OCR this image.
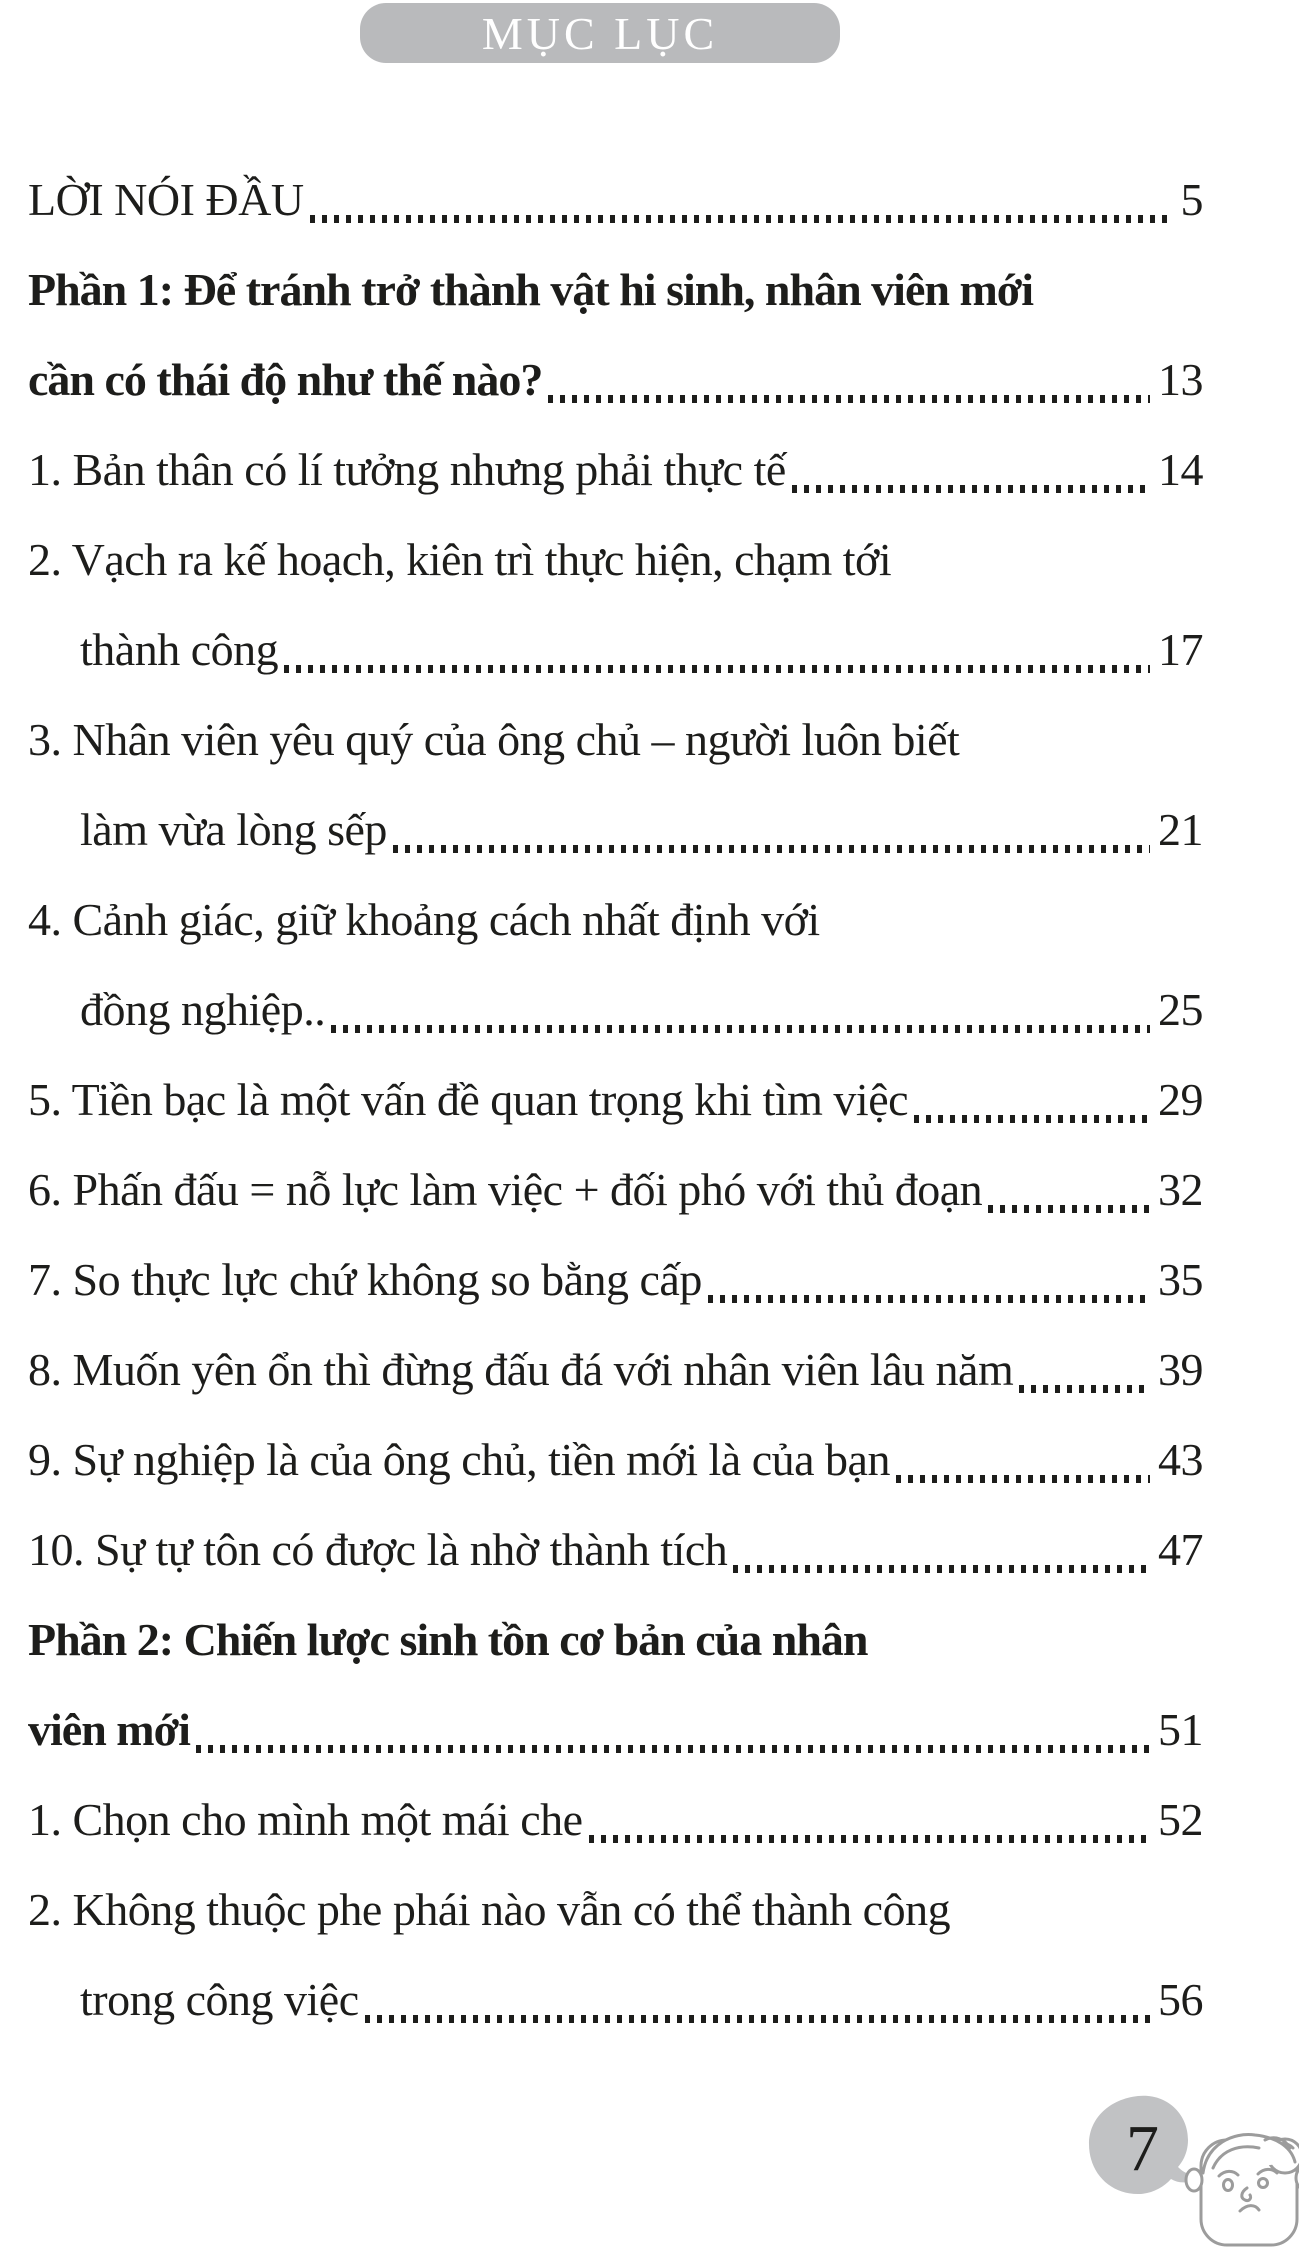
MỤC LỤC
LỜI NÓI ĐẦU	5
Phần 1: Để tránh trở thành vật hi sinh, nhân viên mới
cần có thái độ như thế nào?	13
1. Bản thân có lí tưởng nhưng phải thực tế	14
2. Vạch ra kế hoạch, kiên trì thực hiện, chạm tới
thành công	17
3. Nhân viên yêu quý của ông chủ – người luôn biết
làm vừa lòng sếp	21
4. Cảnh giác, giữ khoảng cách nhất định với
đồng nghiệp..	25
5. Tiền bạc là một vấn đề quan trọng khi tìm việc	29
6. Phấn đấu = nỗ lực làm việc + đối phó với thủ đoạn	32
7. So thực lực chứ không so bằng cấp	35
8. Muốn yên ổn thì đừng đấu đá với nhân viên lâu năm	39
9. Sự nghiệp là của ông chủ, tiền mới là của bạn	43
10. Sự tự tôn có được là nhờ thành tích	47
Phần 2: Chiến lược sinh tồn cơ bản của nhân
viên mới	51
1. Chọn cho mình một mái che	52
2. Không thuộc phe phái nào vẫn có thể thành công
trong công việc	56
7
